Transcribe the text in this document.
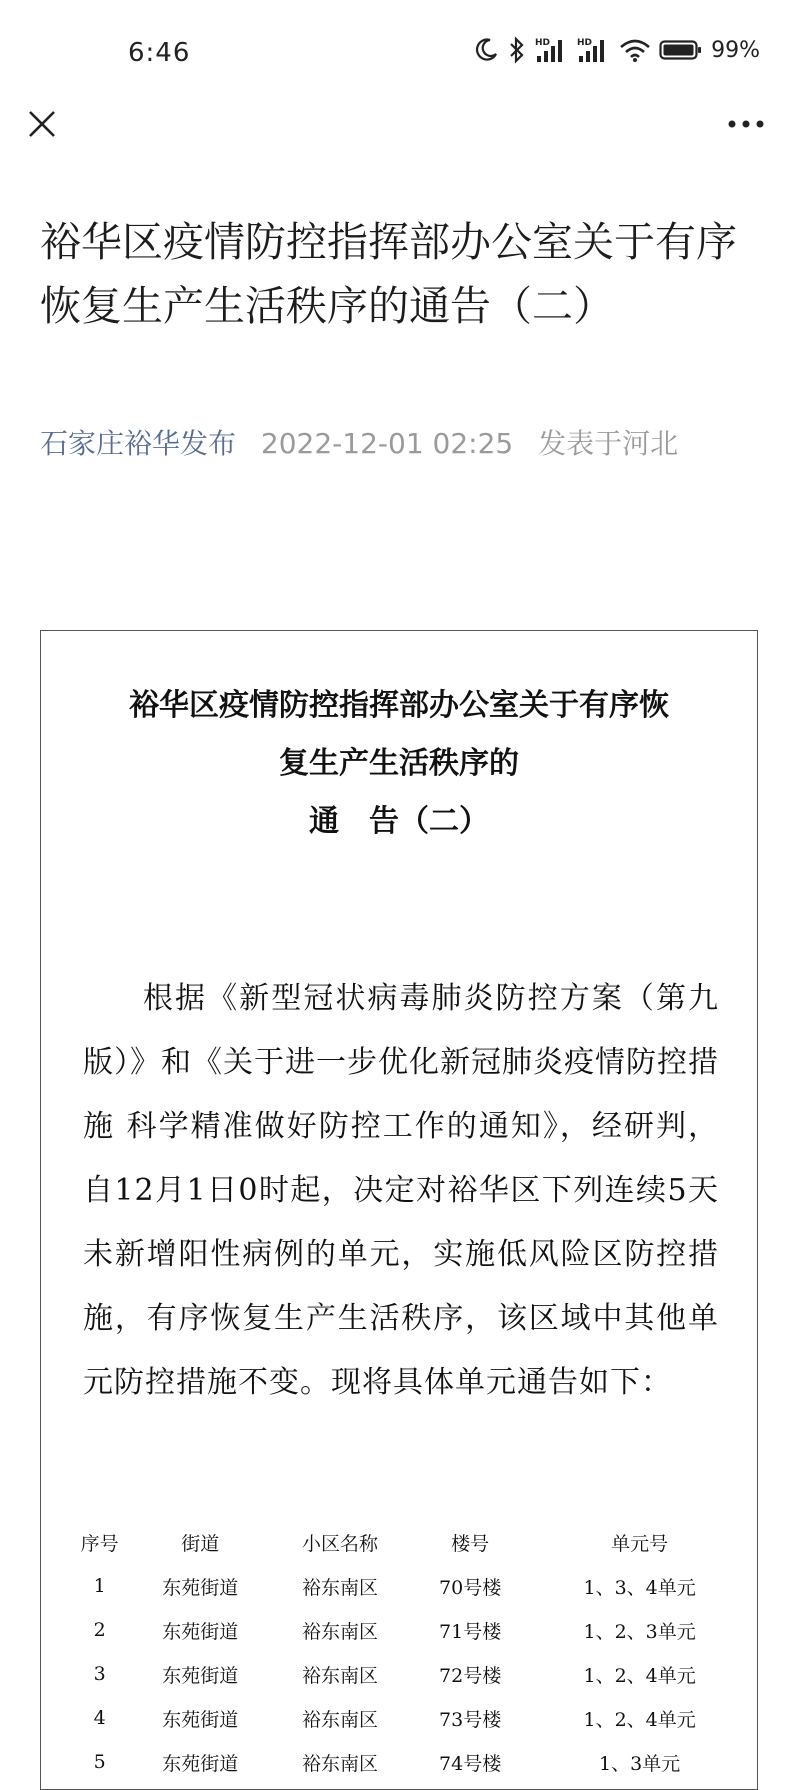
6:46	HD	HD	99%
裕华区疫情防控指挥部办公室关于有序恢复生产生活秩序的通告（二）
石家庄裕华发布 2022-12-01 02:25 发表于河北
裕华区疫情防控指挥部办公室关于有序恢
复生产生活秩序的
通　告（二）
根据《新型冠状病毒肺炎防控方案（第九版）》和《关于进一步优化新冠肺炎疫情防控措施 科学精准做好防控工作的通知》，经研判，自12月1日0时起，决定对裕华区下列连续5天未新增阳性病例的单元，实施低风险区防控措施，有序恢复生产生活秩序，该区域中其他单元防控措施不变。现将具体单元通告如下：
序号	街道	小区名称	楼号	单元号
1	东苑街道	裕东南区	70号楼	1、3、4单元
2	东苑街道	裕东南区	71号楼	1、2、3单元
3	东苑街道	裕东南区	72号楼	1、2、4单元
4	东苑街道	裕东南区	73号楼	1、2、4单元
5	东苑街道	裕东南区	74号楼	1、3单元
